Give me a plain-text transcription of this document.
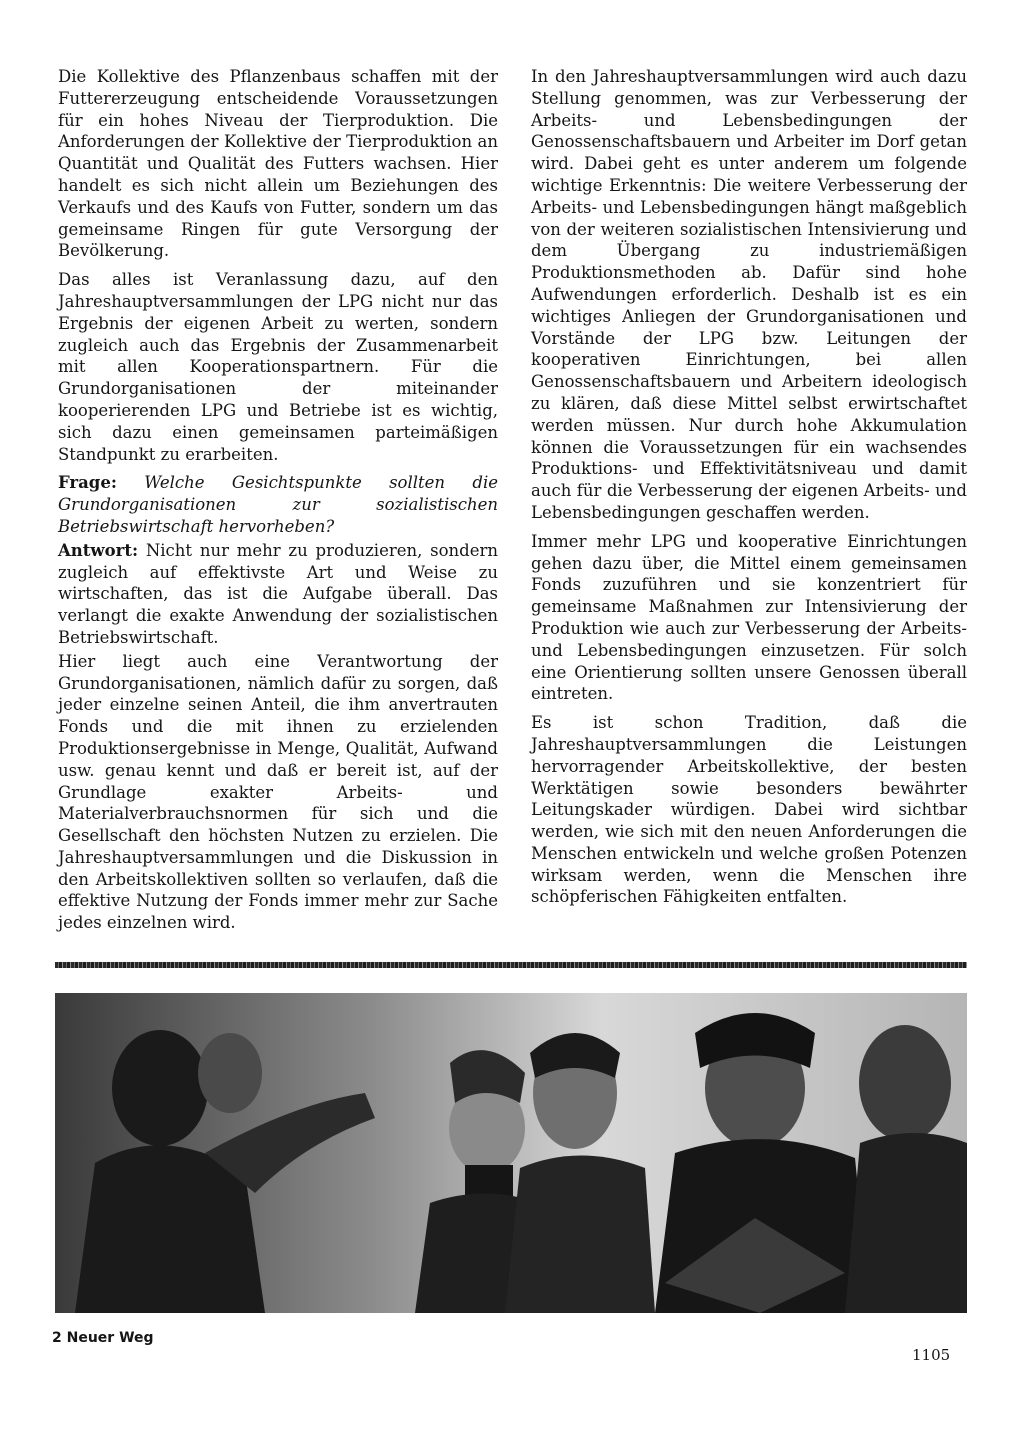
Die Kollektive des Pflanzenbaus schaffen mit der Futtererzeugung entscheidende Voraussetzungen für ein hohes Niveau der Tierproduktion. Die Anforderungen der Kollektive der Tierproduktion an Quantität und Qualität des Futters wachsen. Hier handelt es sich nicht allein um Beziehungen des Verkaufs und des Kaufs von Futter, sondern um das gemeinsame Ringen für gute Versorgung der Bevölkerung.

Das alles ist Veranlassung dazu, auf den Jahreshauptversammlungen der LPG nicht nur das Ergebnis der eigenen Arbeit zu werten, sondern zugleich auch das Ergebnis der Zusammenarbeit mit allen Kooperationspartnern. Für die Grundorganisationen der miteinander kooperierenden LPG und Betriebe ist es wichtig, sich dazu einen gemeinsamen parteimäßigen Standpunkt zu erarbeiten.

Frage: Welche Gesichtspunkte sollten die Grundorganisationen zur sozialistischen Betriebswirtschaft hervorheben?

Antwort: Nicht nur mehr zu produzieren, sondern zugleich auf effektivste Art und Weise zu wirtschaften, das ist die Aufgabe überall. Das verlangt die exakte Anwendung der sozialistischen Betriebswirtschaft.

Hier liegt auch eine Verantwortung der Grundorganisationen, nämlich dafür zu sorgen, daß jeder einzelne seinen Anteil, die ihm anvertrauten Fonds und die mit ihnen zu erzielenden Produktionsergebnisse in Menge, Qualität, Aufwand usw. genau kennt und daß er bereit ist, auf der Grundlage exakter Arbeits- und Materialverbrauchsnormen für sich und die Gesellschaft den höchsten Nutzen zu erzielen. Die Jahreshauptversammlungen und die Diskussion in den Arbeitskollektiven sollten so verlaufen, daß die effektive Nutzung der Fonds immer mehr zur Sache jedes einzelnen wird.

In den Jahreshauptversammlungen wird auch dazu Stellung genommen, was zur Verbesserung der Arbeits- und Lebensbedingungen der Genossenschaftsbauern und Arbeiter im Dorf getan wird. Dabei geht es unter anderem um folgende wichtige Erkenntnis: Die weitere Verbesserung der Arbeits- und Lebensbedingungen hängt maßgeblich von der weiteren sozialistischen Intensivierung und dem Übergang zu industriemäßigen Produktionsmethoden ab. Dafür sind hohe Aufwendungen erforderlich. Deshalb ist es ein wichtiges Anliegen der Grundorganisationen und Vorstände der LPG bzw. Leitungen der kooperativen Einrichtungen, bei allen Genossenschaftsbauern und Arbeitern ideologisch zu klären, daß diese Mittel selbst erwirtschaftet werden müssen. Nur durch hohe Akkumulation können die Voraussetzungen für ein wachsendes Produktions- und Effektivitätsniveau und damit auch für die Verbesserung der eigenen Arbeits- und Lebensbedingungen geschaffen werden.

Immer mehr LPG und kooperative Einrichtungen gehen dazu über, die Mittel einem gemeinsamen Fonds zuzuführen und sie konzentriert für gemeinsame Maßnahmen zur Intensivierung der Produktion wie auch zur Verbesserung der Arbeits- und Lebensbedingungen einzusetzen. Für solch eine Orientierung sollten unsere Genossen überall eintreten.

Es ist schon Tradition, daß die Jahreshauptversammlungen die Leistungen hervorragender Arbeitskollektive, der besten Werktätigen sowie besonders bewährter Leitungskader würdigen. Dabei wird sichtbar werden, wie sich mit den neuen Anforderungen die Menschen entwickeln und welche großen Potenzen wirksam werden, wenn die Menschen ihre schöpferischen Fähigkeiten entfalten.

2 Neuer Weg
1105
